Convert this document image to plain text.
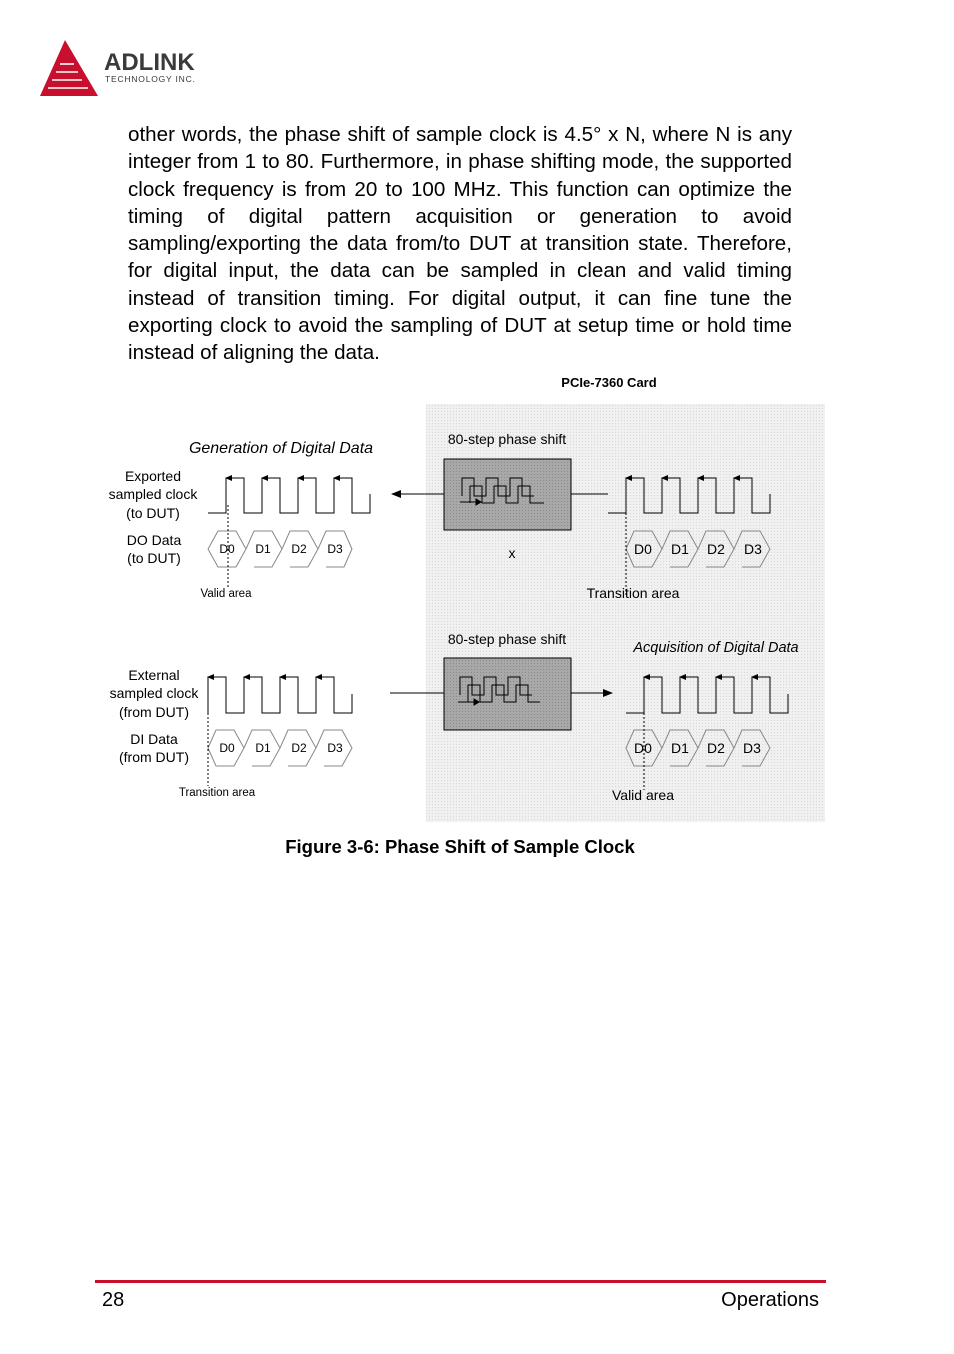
ADLINK
TECHNOLOGY INC.
other words, the phase shift of sample clock is 4.5° x N, where N is any integer from 1 to 80. Furthermore, in phase shifting mode, the supported clock frequency is from 20 to 100 MHz. This function can optimize the timing of digital pattern acquisition or generation to avoid sampling/exporting the data from/to DUT at transition state. Therefore, for digital input, the data can be sampled in clean and valid timing instead of transition timing. For digital output, it can fine tune the exporting clock to avoid the sampling of DUT at setup time or hold time instead of aligning the data.
PCIe-7360 Card
Generation of Digital Data
80-step phase shift
Exported
sampled clock
(to DUT)
DO Data
(to DUT)
D0 D1 D2 D3
Valid area
D0 D1 D2 D3
x
Transition area
80-step phase shift
Acquisition of Digital Data
External
sampled clock
(from DUT)
DI Data
(from DUT)
D0 D1 D2 D3
Transition area
D0 D1 D2 D3
Valid area
Figure 3-6: Phase Shift of Sample Clock
28	Operations
